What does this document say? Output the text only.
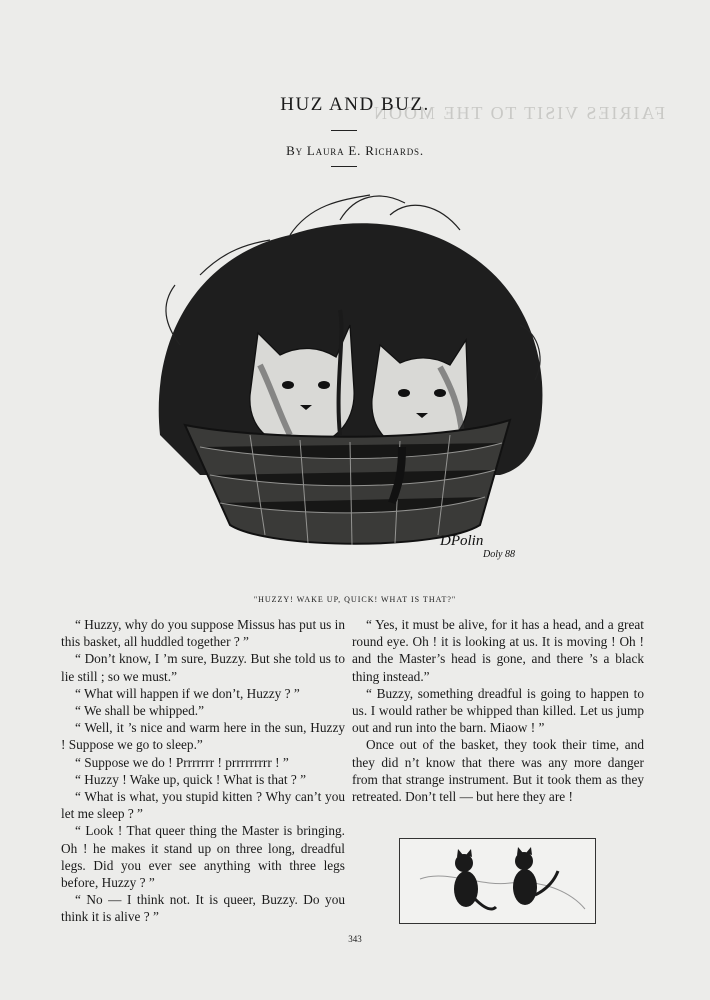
FAIRIES VISIT TO THE MOON
HUZ AND BUZ.
By Laura E. Richards.
DPolin
Doly 88
"HUZZY! WAKE UP, QUICK! WHAT IS THAT?"

“ Huzzy, why do you suppose Missus has put us in this basket, all huddled together ? ”

“ Don’t know, I ’m sure, Buzzy. But she told us to lie still ; so we must.”

“ What will happen if we don’t, Huzzy ? ”

“ We shall be whipped.”

“ Well, it ’s nice and warm here in the sun, Huzzy ! Suppose we go to sleep.”

“ Suppose we do ! Prrrrrrr ! prrrrrrrrr ! ”

“ Huzzy ! Wake up, quick ! What is that ? ”

“ What is what, you stupid kitten ? Why can’t you let me sleep ? ”

“ Look ! That queer thing the Master is bringing. Oh ! he makes it stand up on three long, dreadful legs. Did you ever see anything with three legs before, Huzzy ? ”

“ No — I think not. It is queer, Buzzy. Do you think it is alive ? ”

“ Yes, it must be alive, for it has a head, and a great round eye. Oh ! it is looking at us. It is moving ! Oh ! and the Master’s head is gone, and there ’s a black thing instead.”

“ Buzzy, something dreadful is going to happen to us. I would rather be whipped than killed. Let us jump out and run into the barn. Miaow ! ”

Once out of the basket, they took their time, and they did n’t know that there was any more danger from that strange instrument. But it took them as they retreated. Don’t tell — but here they are !

343
